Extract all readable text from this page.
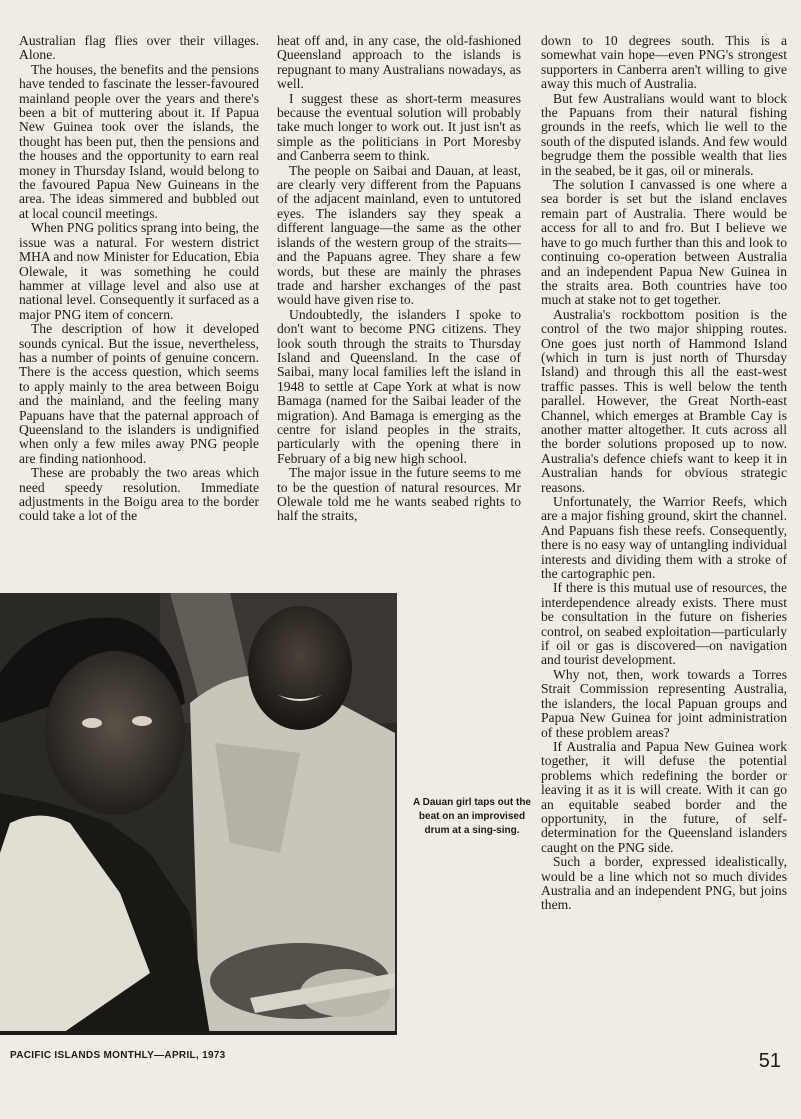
Australian flag flies over their villages. Alone.

The houses, the benefits and the pensions have tended to fascinate the lesser-favoured mainland people over the years and there's been a bit of muttering about it. If Papua New Guinea took over the islands, the thought has been put, then the pensions and the houses and the opportunity to earn real money in Thursday Island, would belong to the favoured Papua New Guineans in the area. The ideas simmered and bubbled out at local council meetings.

When PNG politics sprang into being, the issue was a natural. For western district MHA and now Minister for Education, Ebia Olewale, it was something he could hammer at village level and also use at national level. Consequently it surfaced as a major PNG item of concern.

The description of how it developed sounds cynical. But the issue, nevertheless, has a number of points of genuine concern. There is the access question, which seems to apply mainly to the area between Boigu and the mainland, and the feeling many Papuans have that the paternal approach of Queensland to the islanders is undignified when only a few miles away PNG people are finding nationhood.

These are probably the two areas which need speedy resolution. Immediate adjustments in the Boigu area to the border could take a lot of the

heat off and, in any case, the old-fashioned Queensland approach to the islands is repugnant to many Australians nowadays, as well.

I suggest these as short-term measures because the eventual solution will probably take much longer to work out. It just isn't as simple as the politicians in Port Moresby and Canberra seem to think.

The people on Saibai and Dauan, at least, are clearly very different from the Papuans of the adjacent mainland, even to untutored eyes. The islanders say they speak a different language—the same as the other islands of the western group of the straits—and the Papuans agree. They share a few words, but these are mainly the phrases trade and harsher exchanges of the past would have given rise to.

Undoubtedly, the islanders I spoke to don't want to become PNG citizens. They look south through the straits to Thursday Island and Queensland. In the case of Saibai, many local families left the island in 1948 to settle at Cape York at what is now Bamaga (named for the Saibai leader of the migration). And Bamaga is emerging as the centre for island peoples in the straits, particularly with the opening there in February of a big new high school.

The major issue in the future seems to me to be the question of natural resources. Mr Olewale told me he wants seabed rights to half the straits,

down to 10 degrees south. This is a somewhat vain hope—even PNG's strongest supporters in Canberra aren't willing to give away this much of Australia.

But few Australians would want to block the Papuans from their natural fishing grounds in the reefs, which lie well to the south of the disputed islands. And few would begrudge them the possible wealth that lies in the seabed, be it gas, oil or minerals.

The solution I canvassed is one where a sea border is set but the island enclaves remain part of Australia. There would be access for all to and fro. But I believe we have to go much further than this and look to continuing co-operation between Australia and an independent Papua New Guinea in the straits area. Both countries have too much at stake not to get together.

Australia's rockbottom position is the control of the two major shipping routes. One goes just north of Hammond Island (which in turn is just north of Thursday Island) and through this all the east-west traffic passes. This is well below the tenth parallel. However, the Great North-east Channel, which emerges at Bramble Cay is another matter altogether. It cuts across all the border solutions proposed up to now. Australia's defence chiefs want to keep it in Australian hands for obvious strategic reasons.

Unfortunately, the Warrior Reefs, which are a major fishing ground, skirt the channel. And Papuans fish these reefs. Consequently, there is no easy way of untangling individual interests and dividing them with a stroke of the cartographic pen.

If there is this mutual use of resources, the interdependence already exists. There must be consultation in the future on fisheries control, on seabed exploitation—particularly if oil or gas is discovered—on navigation and tourist development.

Why not, then, work towards a Torres Strait Commission representing Australia, the islanders, the local Papuan groups and Papua New Guinea for joint administration of these problem areas?

If Australia and Papua New Guinea work together, it will defuse the potential problems which redefining the border or leaving it as it is will create. With it can go an equitable seabed border and the opportunity, in the future, of self-determination for the Queensland islanders caught on the PNG side.

Such a border, expressed idealistically, would be a line which not so much divides Australia and an independent PNG, but joins them.

A Dauan girl taps out the beat on an improvised drum at a sing-sing.
PACIFIC ISLANDS MONTHLY—APRIL, 1973	51
